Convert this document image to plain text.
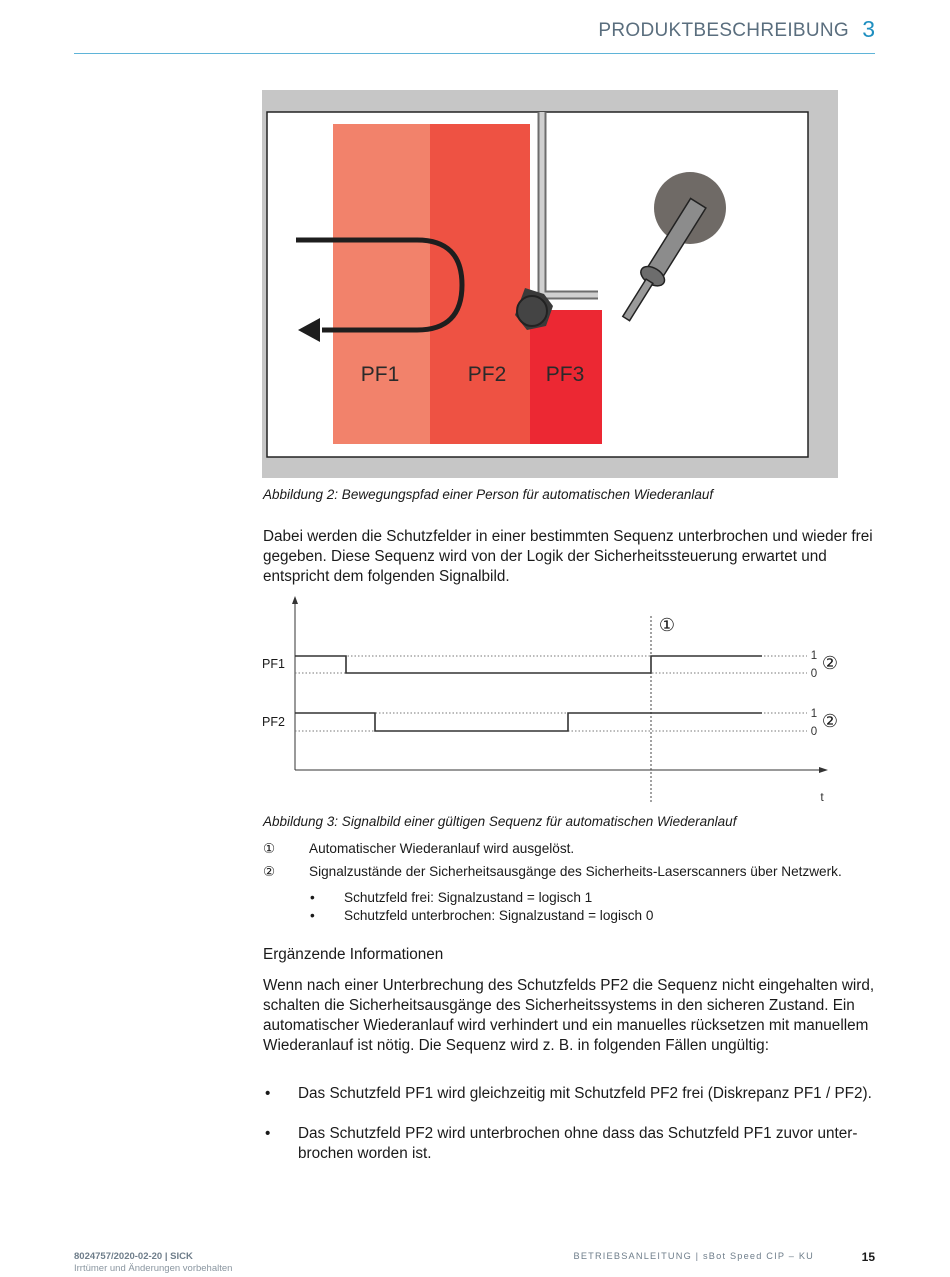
PRODUKTBESCHREIBUNG 3
PF1	PF2 PF3
Abbildung 2: Bewegungspfad einer Person für automatischen Wiederanlauf
Dabei werden die Schutzfelder in einer bestimmten Sequenz unterbrochen und wieder frei gegeben. Diese Sequenz wird von der Logik der Sicherheitssteuerung erwartet und entspricht dem folgenden Signalbild.
t
①
PF1
PF2
1
0
1
0
②
②
Abbildung 3: Signalbild einer gültigen Sequenz für automatischen Wiederanlauf
① Automatischer Wiederanlauf wird ausgelöst.
② Signalzustände der Sicherheitsausgänge des Sicherheits-Laserscanners über Netzwerk.
• Schutzfeld frei: Signalzustand = logisch 1
• Schutzfeld unterbrochen: Signalzustand = logisch 0
Ergänzende Informationen
Wenn nach einer Unterbrechung des Schutzfelds PF2 die Sequenz nicht eingehalten wird, schalten die Sicherheitsausgänge des Sicherheitssystems in den sicheren Zustand. Ein automatischer Wiederanlauf wird verhindert und ein manuelles rücksetzen mit manuellem Wiederanlauf ist nötig. Die Sequenz wird z. B. in folgenden Fällen ungültig:
• Das Schutzfeld PF1 wird gleichzeitig mit Schutzfeld PF2 frei (Diskrepanz PF1 / PF2).
• Das Schutzfeld PF2 wird unterbrochen ohne dass das Schutzfeld PF1 zuvor unterbrochen worden ist.
8024757/2020-02-20 | SICK
Irrtümer und Änderungen vorbehalten
BETRIEBSANLEITUNG | sBot Speed CIP – KU	15
